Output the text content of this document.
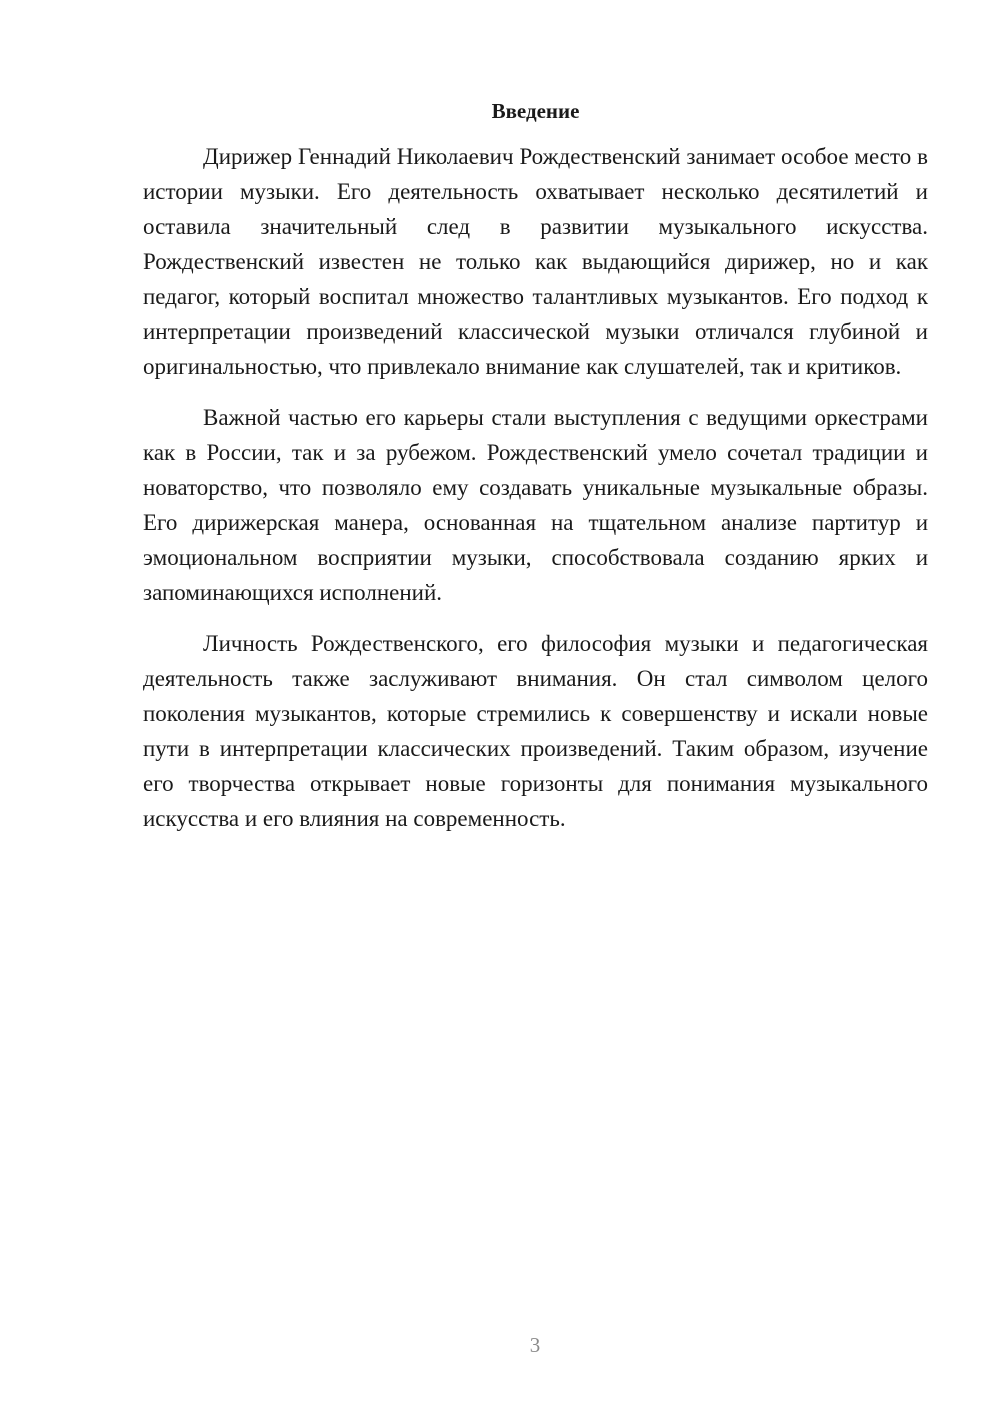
Введение

Дирижер Геннадий Николаевич Рождественский занимает особое место в истории музыки. Его деятельность охватывает несколько десятилетий и оставила значительный след в развитии музыкального искусства. Рождественский известен не только как выдающийся дирижер, но и как педагог, который воспитал множество талантливых музыкантов. Его подход к интерпретации произведений классической музыки отличался глубиной и оригинальностью, что привлекало внимание как слушателей, так и критиков.

Важной частью его карьеры стали выступления с ведущими оркестрами как в России, так и за рубежом. Рождественский умело сочетал традиции и новаторство, что позволяло ему создавать уникальные музыкальные образы. Его дирижерская манера, основанная на тщательном анализе партитур и эмоциональном восприятии музыки, способствовала созданию ярких и запоминающихся исполнений.

Личность Рождественского, его философия музыки и педагогическая деятельность также заслуживают внимания. Он стал символом целого поколения музыкантов, которые стремились к совершенству и искали новые пути в интерпретации классических произведений. Таким образом, изучение его творчества открывает новые горизонты для понимания музыкального искусства и его влияния на современность.

3
